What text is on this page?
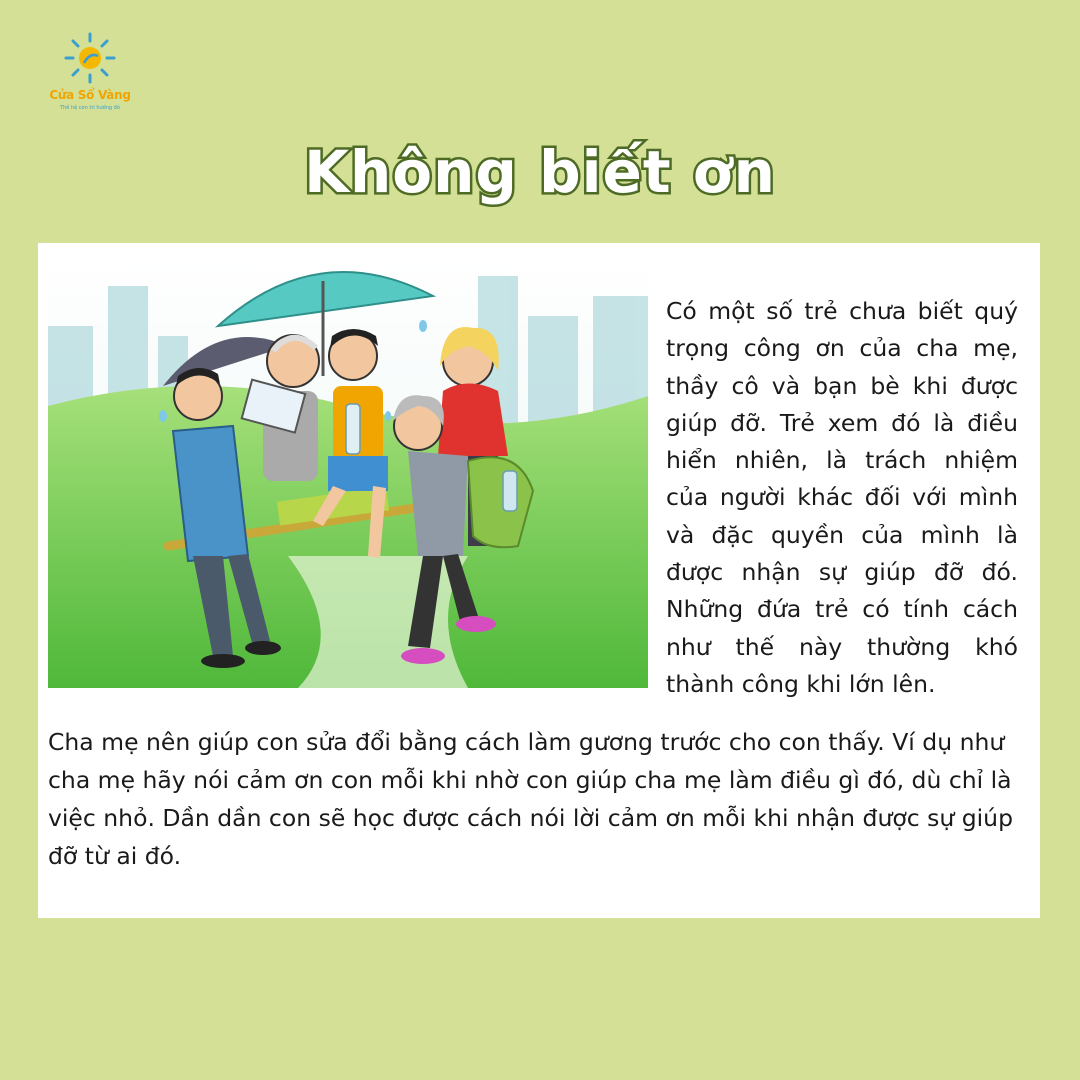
Cửa Sổ Vàng
Thế hệ con tri hướng đó
Không biết ơn
Có một số trẻ chưa biết quý trọng công ơn của cha mẹ, thầy cô và bạn bè khi được giúp đỡ. Trẻ xem đó là điều hiển nhiên, là trách nhiệm của người khác đối với mình và đặc quyền của mình là được nhận sự giúp đỡ đó. Những đứa trẻ có tính cách như thế này thường khó thành công khi lớn lên.
Cha mẹ nên giúp con sửa đổi bằng cách làm gương trước cho con thấy. Ví dụ như cha mẹ hãy nói cảm ơn con mỗi khi nhờ con giúp cha mẹ làm điều gì đó, dù chỉ là việc nhỏ. Dần dần con sẽ học được cách nói lời cảm ơn mỗi khi nhận được sự giúp đỡ từ ai đó.
